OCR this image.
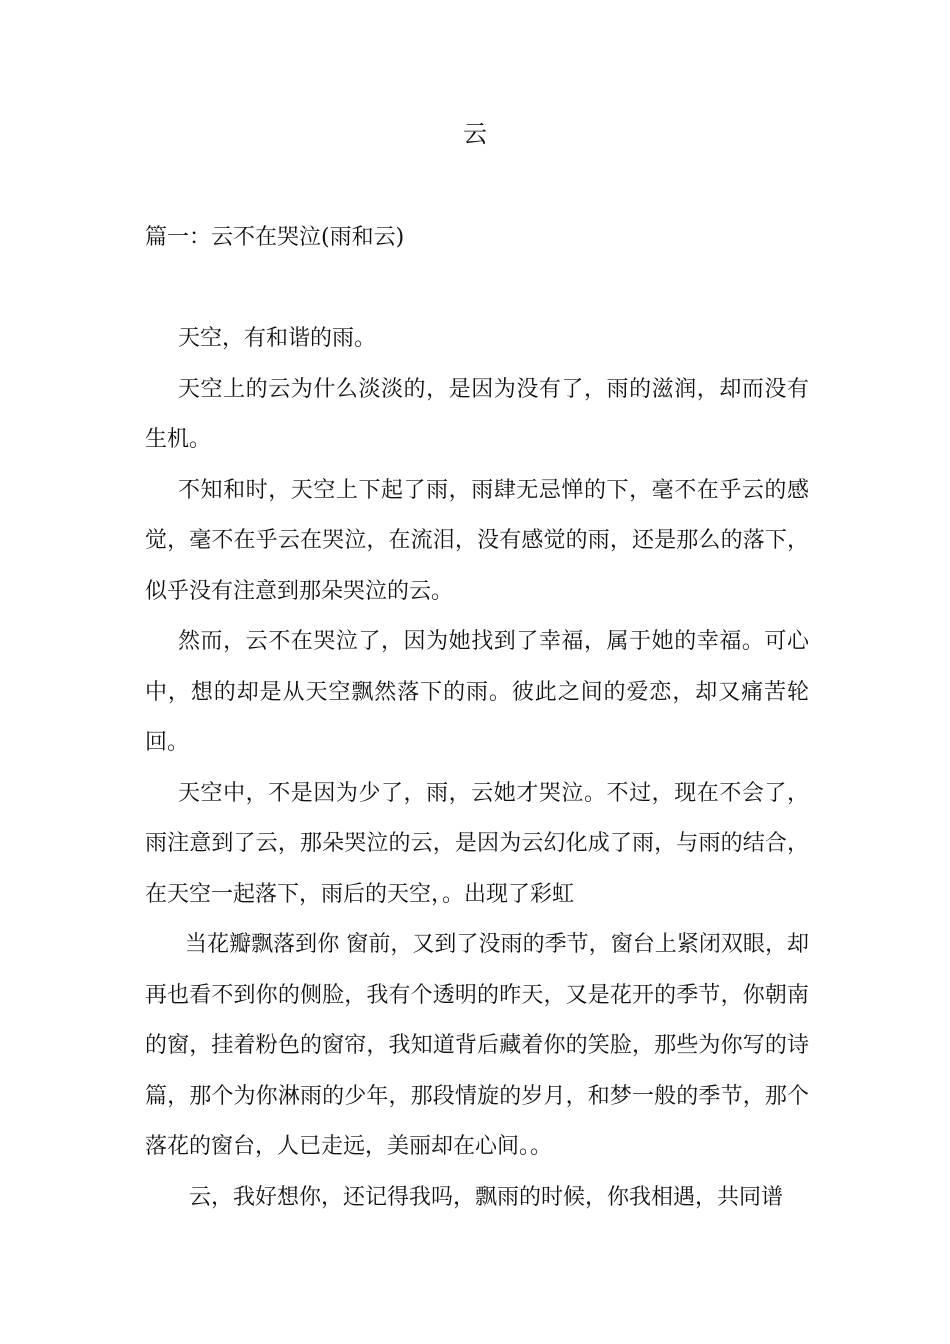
云
篇一：云不在哭泣(雨和云)

天空，有和谐的雨。

天空上的云为什么淡淡的，是因为没有了，雨的滋润，却而没有生机。

不知和时，天空上下起了雨，雨肆无忌惮的下，毫不在乎云的感觉，毫不在乎云在哭泣，在流泪，没有感觉的雨，还是那么的落下，似乎没有注意到那朵哭泣的云。

然而，云不在哭泣了，因为她找到了幸福，属于她的幸福。可心中，想的却是从天空飘然落下的雨。彼此之间的爱恋，却又痛苦轮回。

天空中，不是因为少了，雨，云她才哭泣。不过，现在不会了，雨注意到了云，那朵哭泣的云，是因为云幻化成了雨，与雨的结合，在天空一起落下，雨后的天空，。出现了彩虹

当花瓣飘落到你 窗前，又到了没雨的季节，窗台上紧闭双眼，却再也看不到你的侧脸，我有个透明的昨天，又是花开的季节，你朝南的窗，挂着粉色的窗帘，我知道背后藏着你的笑脸，那些为你写的诗篇，那个为你淋雨的少年，那段情旋的岁月，和梦一般的季节，那个落花的窗台，人已走远，美丽却在心间。。

云，我好想你，还记得我吗，飘雨的时候，你我相遇，共同谱
